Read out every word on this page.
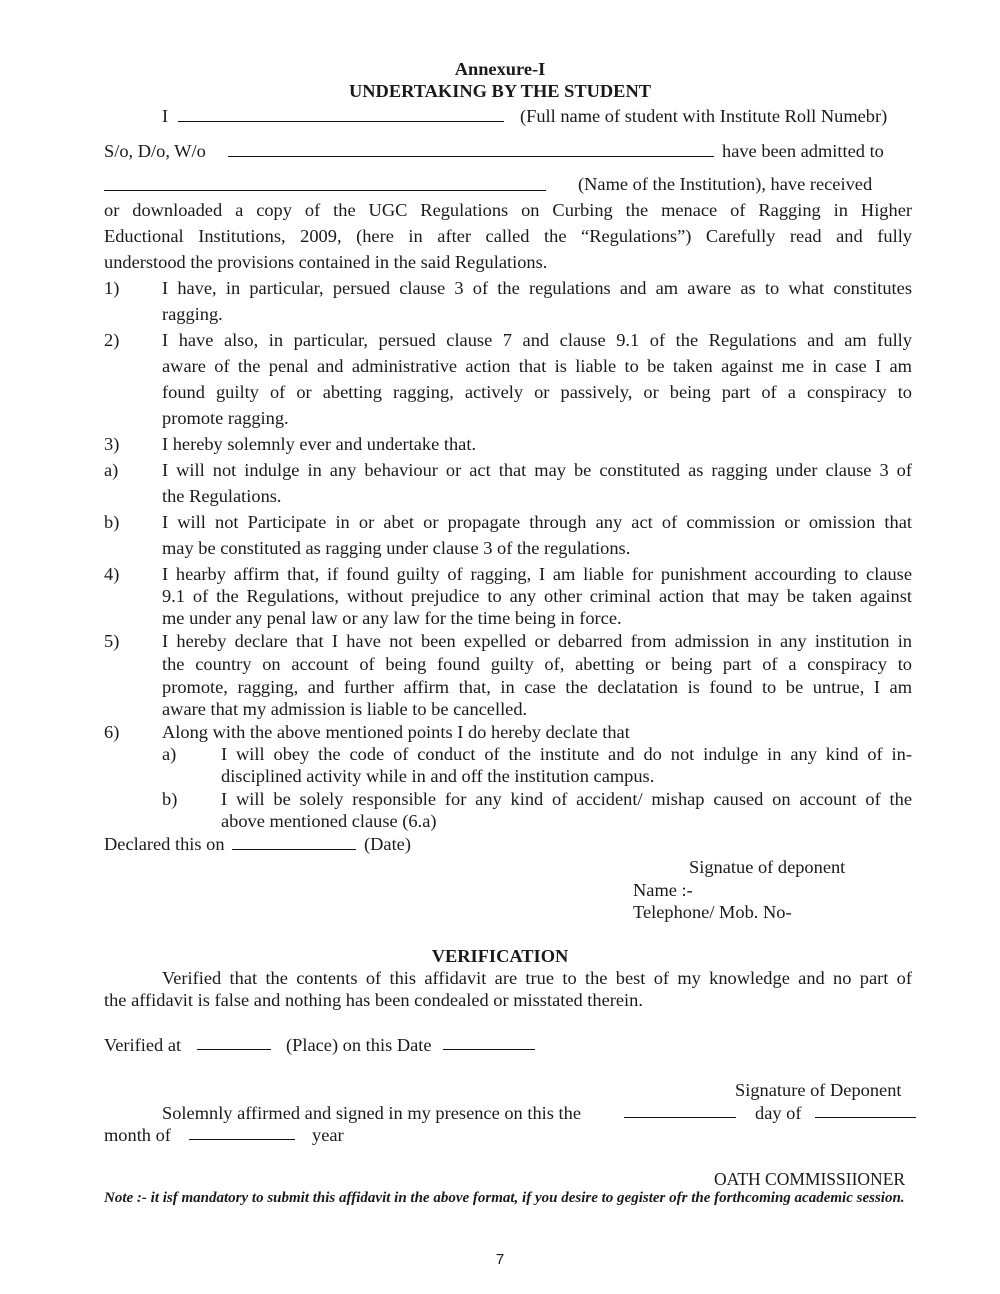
Annexure-I
UNDERTAKING BY THE STUDENT
I	(Full name of student with Institute Roll Numebr)
S/o, D/o, W/o	have been admitted to
(Name of the Institution), have received
or downloaded a copy of the UGC Regulations on Curbing the menace of Ragging in Higher
Eductional Institutions, 2009, (here in after called the “Regulations”) Carefully read and fully
understood the provisions contained in the said Regulations.
1) I have, in particular, persued clause 3 of the regulations and am aware as to what constitutes
ragging.
2) I have also, in particular, persued clause 7 and clause 9.1 of the Regulations and am fully
aware of the penal and administrative action that is liable to be taken against me in case I am
found guilty of or abetting ragging, actively or passively, or being part of a conspiracy to
promote ragging.
3) I hereby solemnly ever and undertake that.
a) I will not indulge in any behaviour or act that may be constituted as ragging under clause 3 of
the Regulations.
b) I will not Participate in or abet or propagate through any act of commission or omission that
may be constituted as ragging under clause 3 of the regulations.
4) I hearby affirm that, if found guilty of ragging, I am liable for punishment accourding to clause
9.1 of the Regulations, without prejudice to any other criminal action that may be taken against
me under any penal law or any law for the time being in force.
5) I hereby declare that I have not been expelled or debarred from admission in any institution in
the country on account of being found guilty of, abetting or being part of a conspiracy to
promote, ragging, and further affirm that, in case the declatation is found to be untrue, I am
aware that my admission is liable to be cancelled.
6) Along with the above mentioned points I do hereby declate that
a) I will obey the code of conduct of the institute and do not indulge in any kind of in-
disciplined activity while in and off the institution campus.
b) I will be solely responsible for any kind of accident/ mishap caused on account of the
above mentioned clause (6.a)
Declared this on	(Date)
Signatue of deponent
Name :-
Telephone/ Mob. No-
VERIFICATION
Verified that the contents of this affidavit are true to the best of my knowledge and no part of
the affidavit is false and nothing has been condealed or misstated therein.
Verified at	(Place) on this Date
Signature of Deponent
Solemnly affirmed and signed in my presence on this the	day of
month of	year
OATH COMMISSIIONER
Note :- it isf mandatory to submit this affidavit in the above format, if you desire to gegister ofr the forthcoming academic session.
7
